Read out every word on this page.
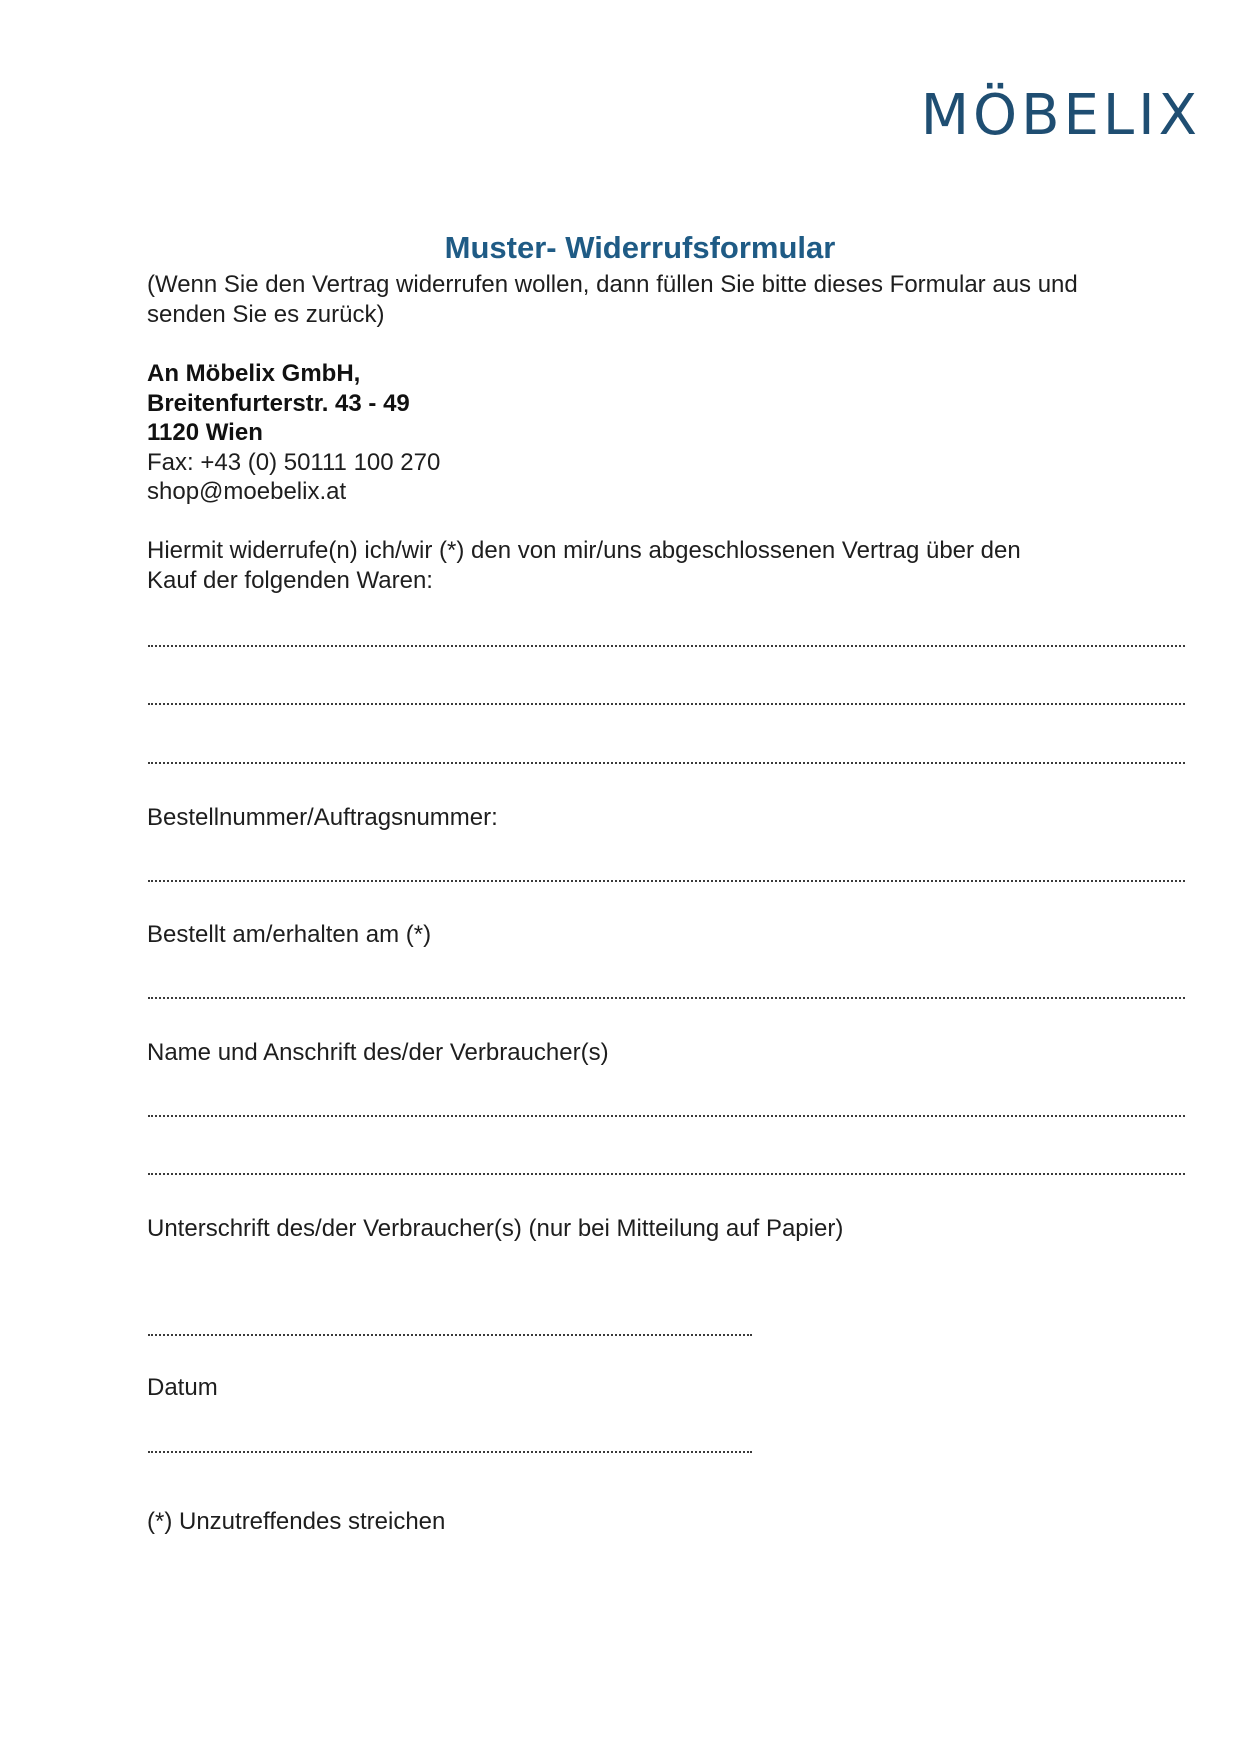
MÖBELIX
Muster- Widerrufsformular
(Wenn Sie den Vertrag widerrufen wollen, dann füllen Sie bitte dieses Formular aus und
senden Sie es zurück)
An Möbelix GmbH,
Breitenfurterstr. 43 - 49
1120 Wien
Fax: +43 (0) 50111 100 270
shop@moebelix.at
Hiermit widerrufe(n) ich/wir (*) den von mir/uns abgeschlossenen Vertrag über den
Kauf der folgenden Waren:
Bestellnummer/Auftragsnummer:
Bestellt am/erhalten am (*)
Name und Anschrift des/der Verbraucher(s)
Unterschrift des/der Verbraucher(s) (nur bei Mitteilung auf Papier)
Datum
(*) Unzutreffendes streichen
